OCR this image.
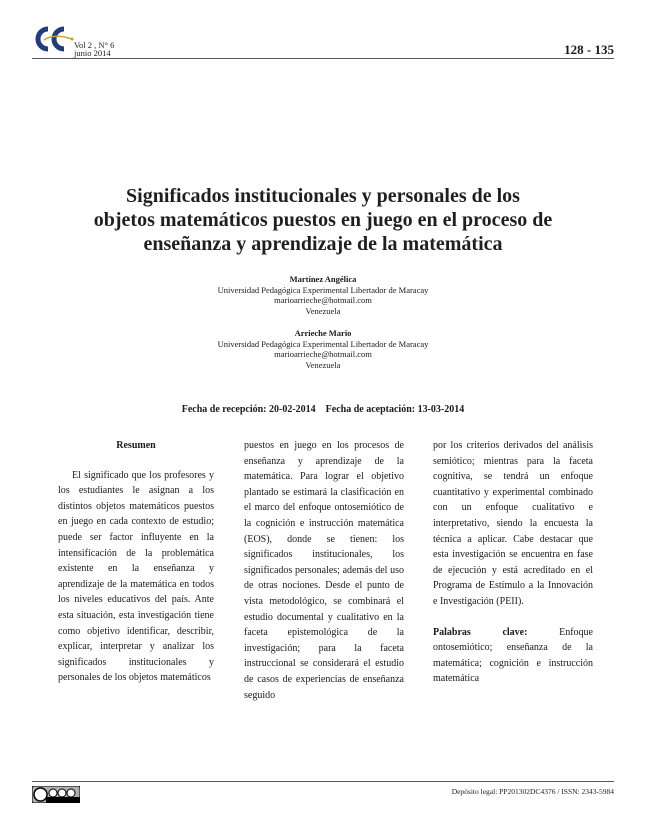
Vol 2 , N° 6
junio 2014	128 - 135
Significados institucionales y personales de los
objetos matemáticos puestos en juego en el proceso de
enseñanza y aprendizaje de la matemática
Martínez Angélica
Universidad Pedagógica Experimental Libertador de Maracay
marioarrieche@hotmail.com
Venezuela
Arrieche Mario
Universidad Pedagógica Experimental Libertador de Maracay
marioarrieche@hotmail.com
Venezuela
Fecha de recepción: 20-02-2014    Fecha de aceptación: 13-03-2014

Resumen

El significado que los profesores y los estudiantes le asignan a los distintos objetos matemáticos puestos en juego en cada contexto de estudio; puede ser factor influyente en la intensificación de la problemática existente en la enseñanza y aprendizaje de la matemática en todos los niveles educativos del país. Ante esta situación, esta investigación tiene como objetivo identificar, describir, explicar, interpretar y analizar los significados institucionales y personales de los objetos matemáticos

puestos en juego en los procesos de enseñanza y aprendizaje de la matemática. Para lograr el objetivo plantado se estimará la clasificación en el marco del enfoque ontosemiótico de la cognición e instrucción matemática (EOS), donde se tienen: los significados institucionales, los significados personales; además del uso de otras nociones. Desde el punto de vista metodológico, se combinará el estudio documental y cualitativo en la faceta epistemológica de la investigación; para la faceta instruccional se considerará el estudio de casos de experiencias de enseñanza seguido

por los criterios derivados del análisis semiótico; mientras para la faceta cognitiva, se tendrá un enfoque cuantitativo y experimental combinado con un enfoque cualitativo e interpretativo, siendo la encuesta la técnica a aplicar. Cabe destacar que esta investigación se encuentra en fase de ejecución y está acreditado en el Programa de Estímulo a la Innovación e Investigación (PEII).

Palabras clave:	Enfoque ontosemiótico; enseñanza de la matemática; cognición e instrucción matemática

Depósito legal: PP201302DC4376 / ISSN: 2343-5984
